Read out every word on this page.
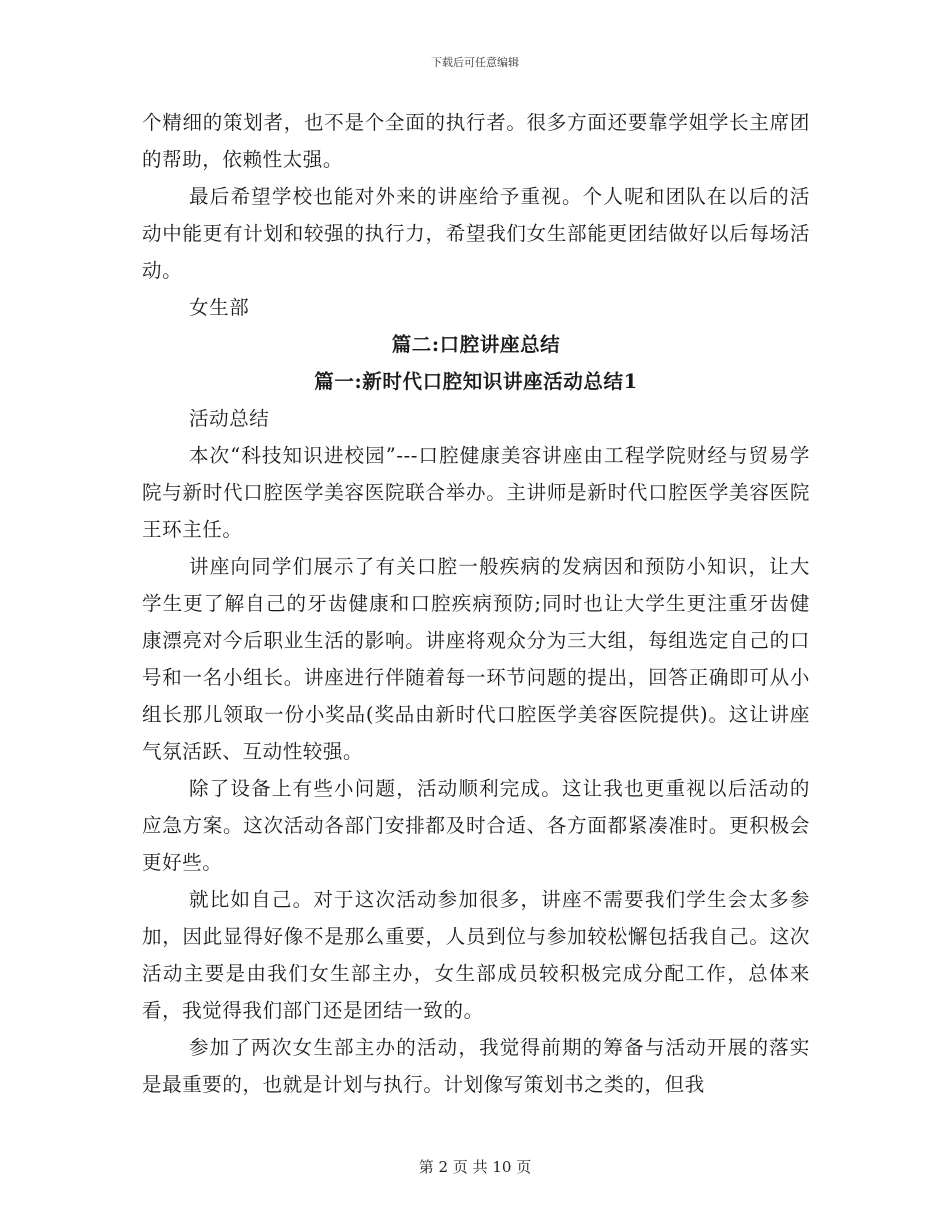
下载后可任意编辑

个精细的策划者，也不是个全面的执行者。很多方面还要靠学姐学长主席团的帮助，依赖性太强。

最后希望学校也能对外来的讲座给予重视。个人呢和团队在以后的活动中能更有计划和较强的执行力，希望我们女生部能更团结做好以后每场活动。

女生部

篇二:口腔讲座总结

篇一:新时代口腔知识讲座活动总结1

活动总结

本次“科技知识进校园”---口腔健康美容讲座由工程学院财经与贸易学院与新时代口腔医学美容医院联合举办。主讲师是新时代口腔医学美容医院王环主任。

讲座向同学们展示了有关口腔一般疾病的发病因和预防小知识，让大学生更了解自己的牙齿健康和口腔疾病预防;同时也让大学生更注重牙齿健康漂亮对今后职业生活的影响。讲座将观众分为三大组，每组选定自己的口号和一名小组长。讲座进行伴随着每一环节问题的提出，回答正确即可从小组长那儿领取一份小奖品(奖品由新时代口腔医学美容医院提供)。这让讲座气氛活跃、互动性较强。

除了设备上有些小问题，活动顺利完成。这让我也更重视以后活动的应急方案。这次活动各部门安排都及时合适、各方面都紧凑准时。更积极会更好些。

就比如自己。对于这次活动参加很多，讲座不需要我们学生会太多参加，因此显得好像不是那么重要，人员到位与参加较松懈包括我自己。这次活动主要是由我们女生部主办，女生部成员较积极完成分配工作，总体来看，我觉得我们部门还是团结一致的。

参加了两次女生部主办的活动，我觉得前期的筹备与活动开展的落实是最重要的，也就是计划与执行。计划像写策划书之类的，但我

第 2 页 共 10 页
